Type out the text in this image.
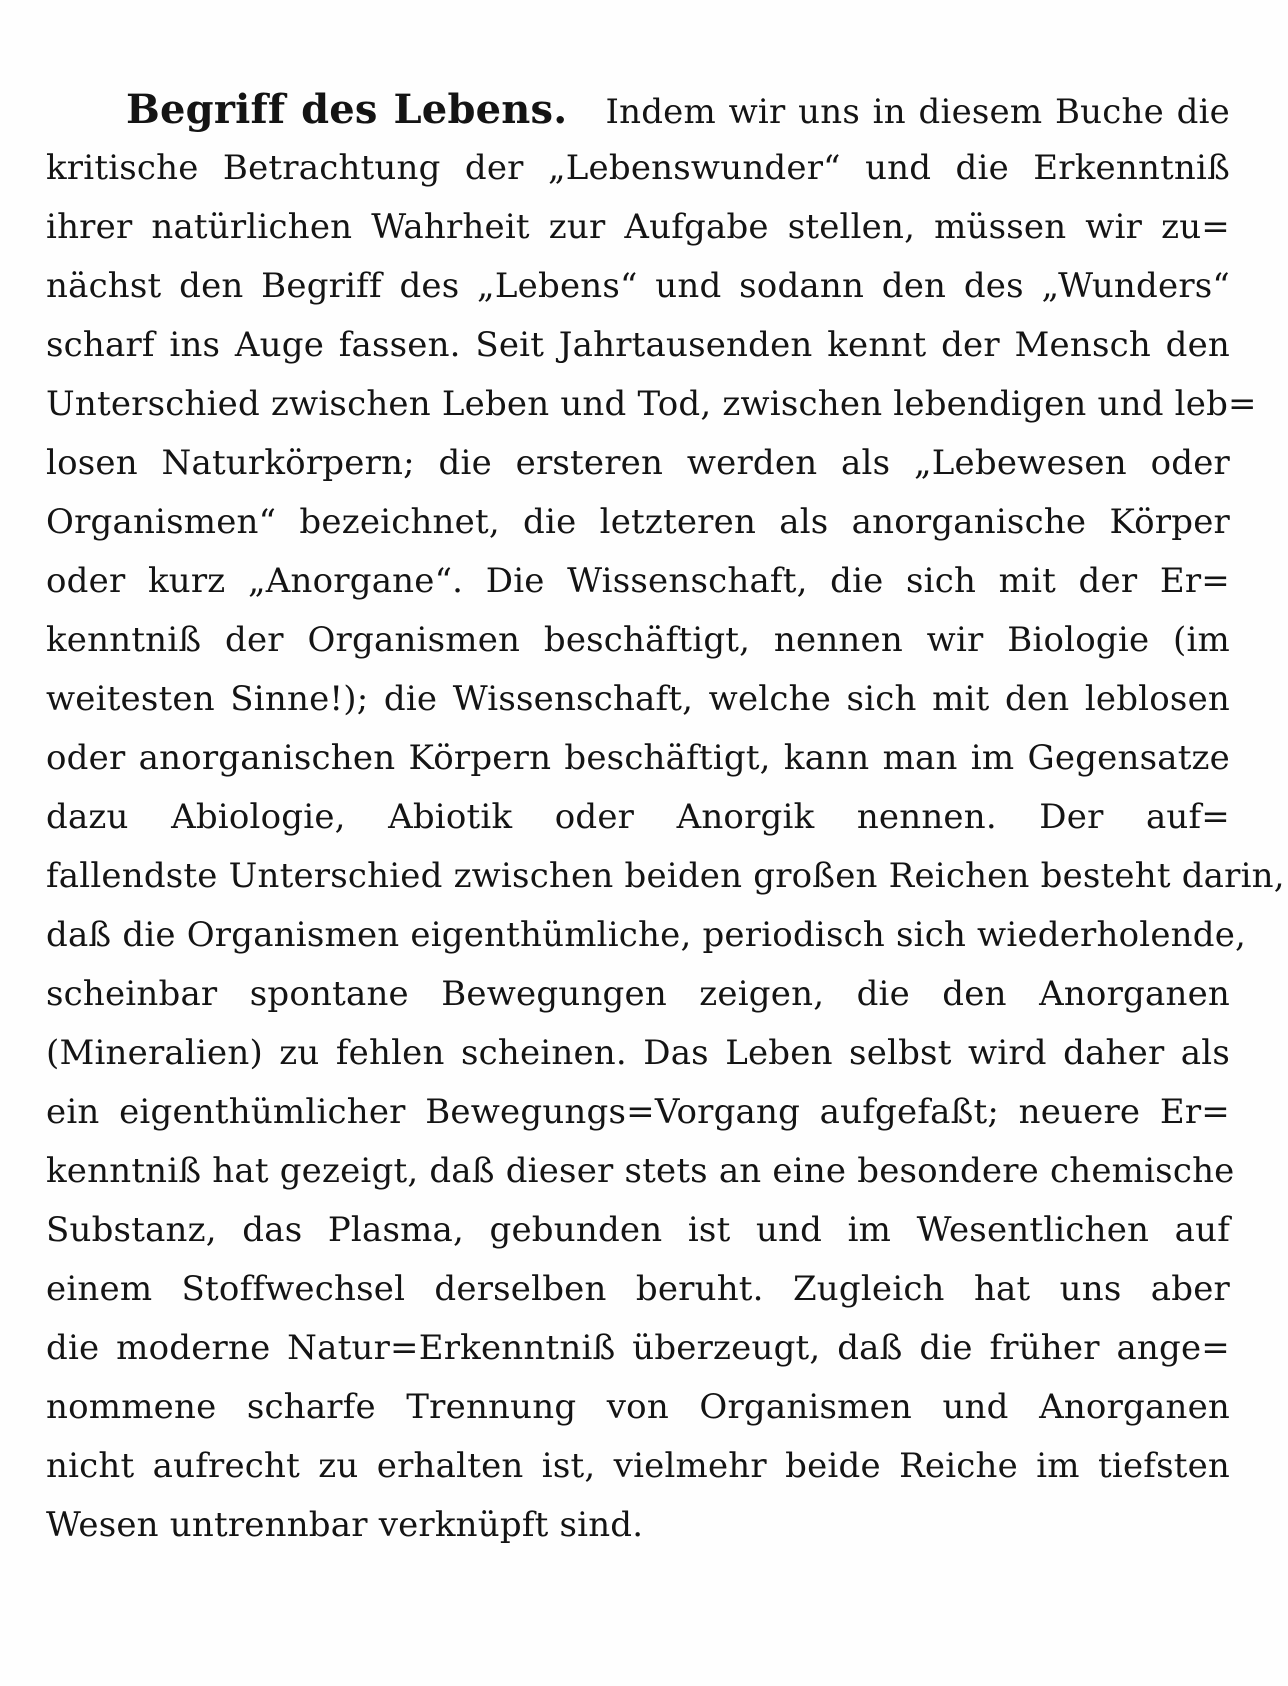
Begriff des Lebens. Indem wir uns in diesem Buche die
kritische Betrachtung der „Lebenswunder“ und die Erkenntniß
ihrer natürlichen Wahrheit zur Aufgabe stellen, müssen wir zu=
nächst den Begriff des „Lebens“ und sodann den des „Wunders“
scharf ins Auge fassen. Seit Jahrtausenden kennt der Mensch den
Unterschied zwischen Leben und Tod, zwischen lebendigen und leb=
losen Naturkörpern; die ersteren werden als „Lebewesen oder
Organismen“ bezeichnet, die letzteren als anorganische Körper
oder kurz „Anorgane“. Die Wissenschaft, die sich mit der Er=
kenntniß der Organismen beschäftigt, nennen wir Biologie (im
weitesten Sinne!); die Wissenschaft, welche sich mit den leblosen
oder anorganischen Körpern beschäftigt, kann man im Gegensatze
dazu Abiologie, Abiotik oder Anorgik nennen. Der auf=
fallendste Unterschied zwischen beiden großen Reichen besteht darin,
daß die Organismen eigenthümliche, periodisch sich wiederholende,
scheinbar spontane Bewegungen zeigen, die den Anorganen
(Mineralien) zu fehlen scheinen. Das Leben selbst wird daher als
ein eigenthümlicher Bewegungs=Vorgang aufgefaßt; neuere Er=
kenntniß hat gezeigt, daß dieser stets an eine besondere chemische
Substanz, das Plasma, gebunden ist und im Wesentlichen auf
einem Stoffwechsel derselben beruht. Zugleich hat uns aber
die moderne Natur=Erkenntniß überzeugt, daß die früher ange=
nommene scharfe Trennung von Organismen und Anorganen
nicht aufrecht zu erhalten ist, vielmehr beide Reiche im tiefsten
Wesen untrennbar verknüpft sind.
